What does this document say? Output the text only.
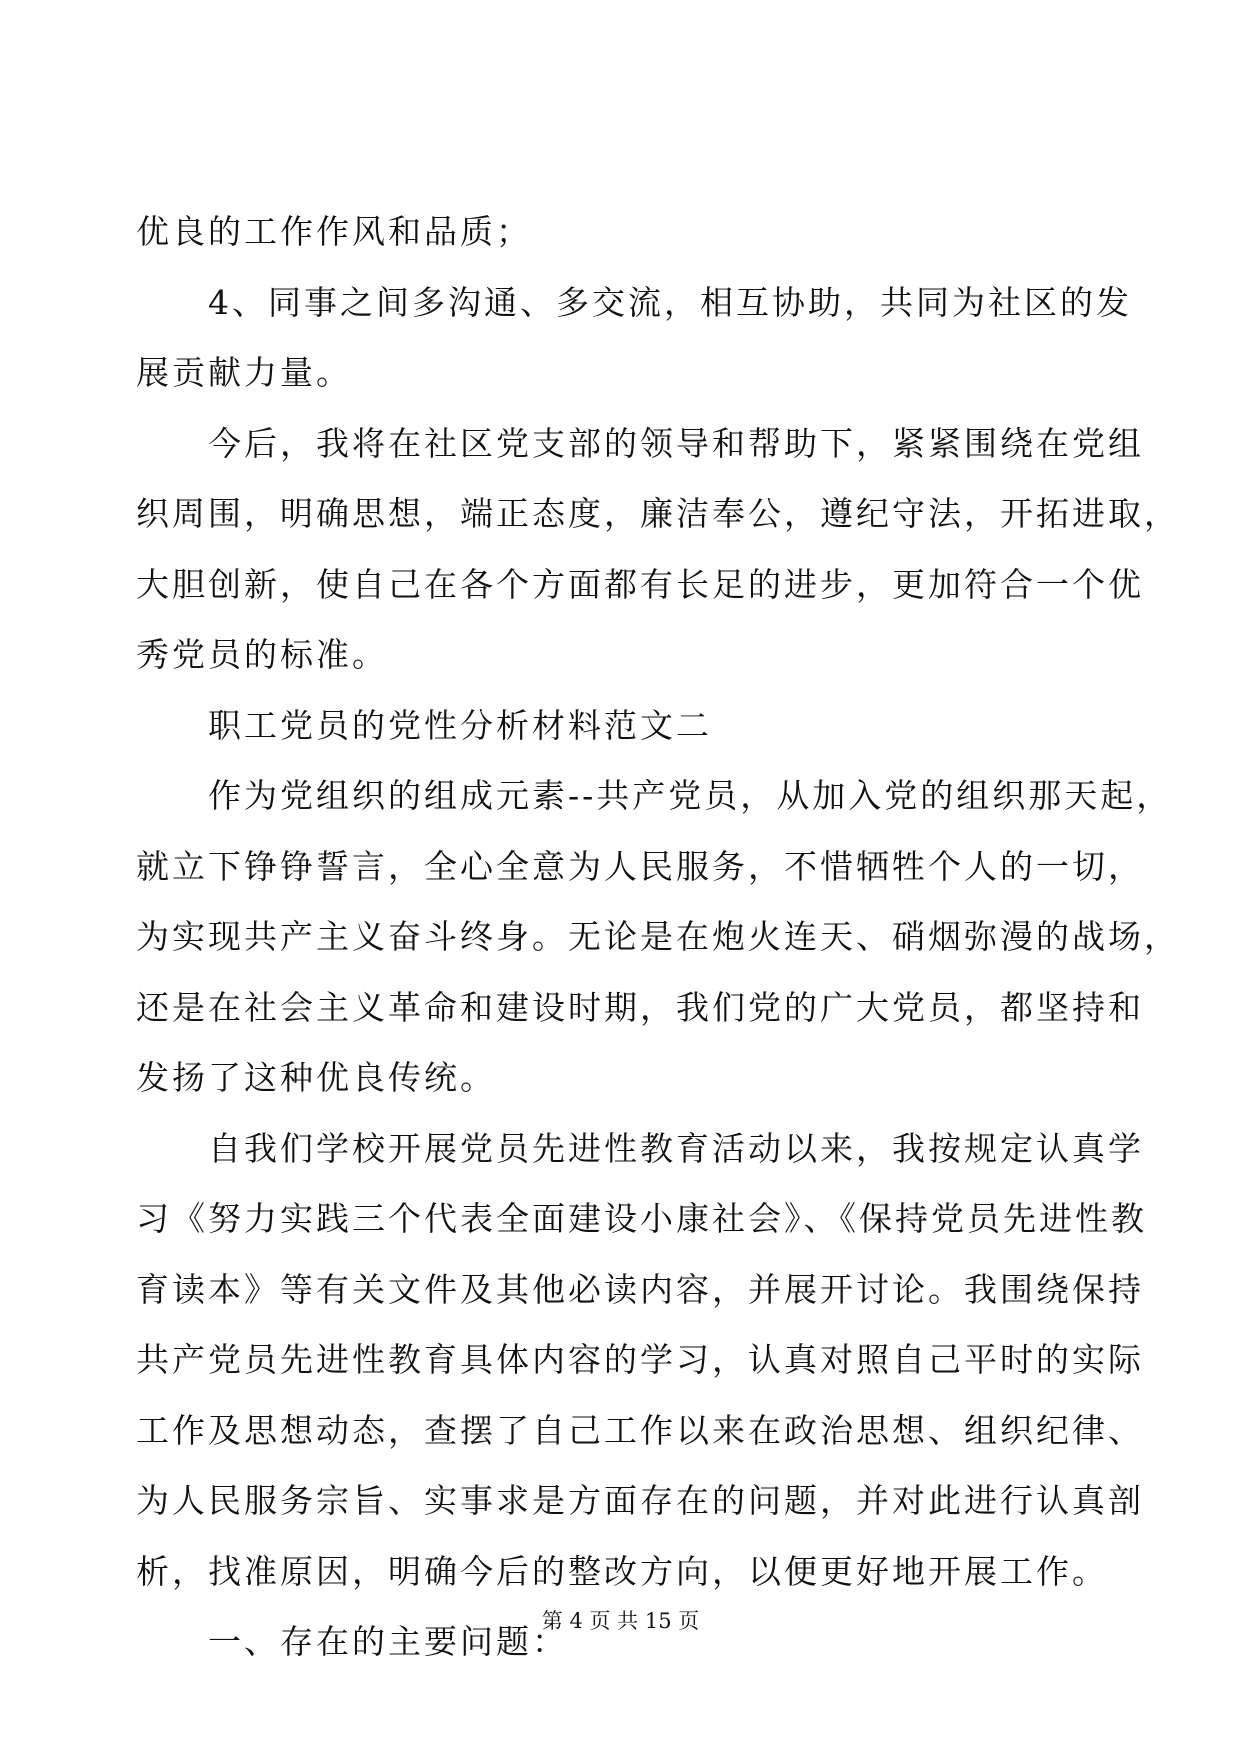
优良的工作作风和品质；

　　4、同事之间多沟通、多交流，相互协助，共同为社区的发

展贡献力量。

　　今后，我将在社区党支部的领导和帮助下，紧紧围绕在党组

织周围，明确思想，端正态度，廉洁奉公，遵纪守法，开拓进取，

大胆创新，使自己在各个方面都有长足的进步，更加符合一个优

秀党员的标准。

　　职工党员的党性分析材料范文二

　　作为党组织的组成元素--共产党员，从加入党的组织那天起，

就立下铮铮誓言，全心全意为人民服务，不惜牺牲个人的一切，

为实现共产主义奋斗终身。无论是在炮火连天、硝烟弥漫的战场，

还是在社会主义革命和建设时期，我们党的广大党员，都坚持和

发扬了这种优良传统。

　　自我们学校开展党员先进性教育活动以来，我按规定认真学

习《努力实践三个代表全面建设小康社会》、《保持党员先进性教

育读本》等有关文件及其他必读内容，并展开讨论。我围绕保持

共产党员先进性教育具体内容的学习，认真对照自己平时的实际

工作及思想动态，查摆了自己工作以来在政治思想、组织纪律、

为人民服务宗旨、实事求是方面存在的问题，并对此进行认真剖

析，找准原因，明确今后的整改方向，以便更好地开展工作。

　　一、存在的主要问题：

第 4 页 共 15 页
